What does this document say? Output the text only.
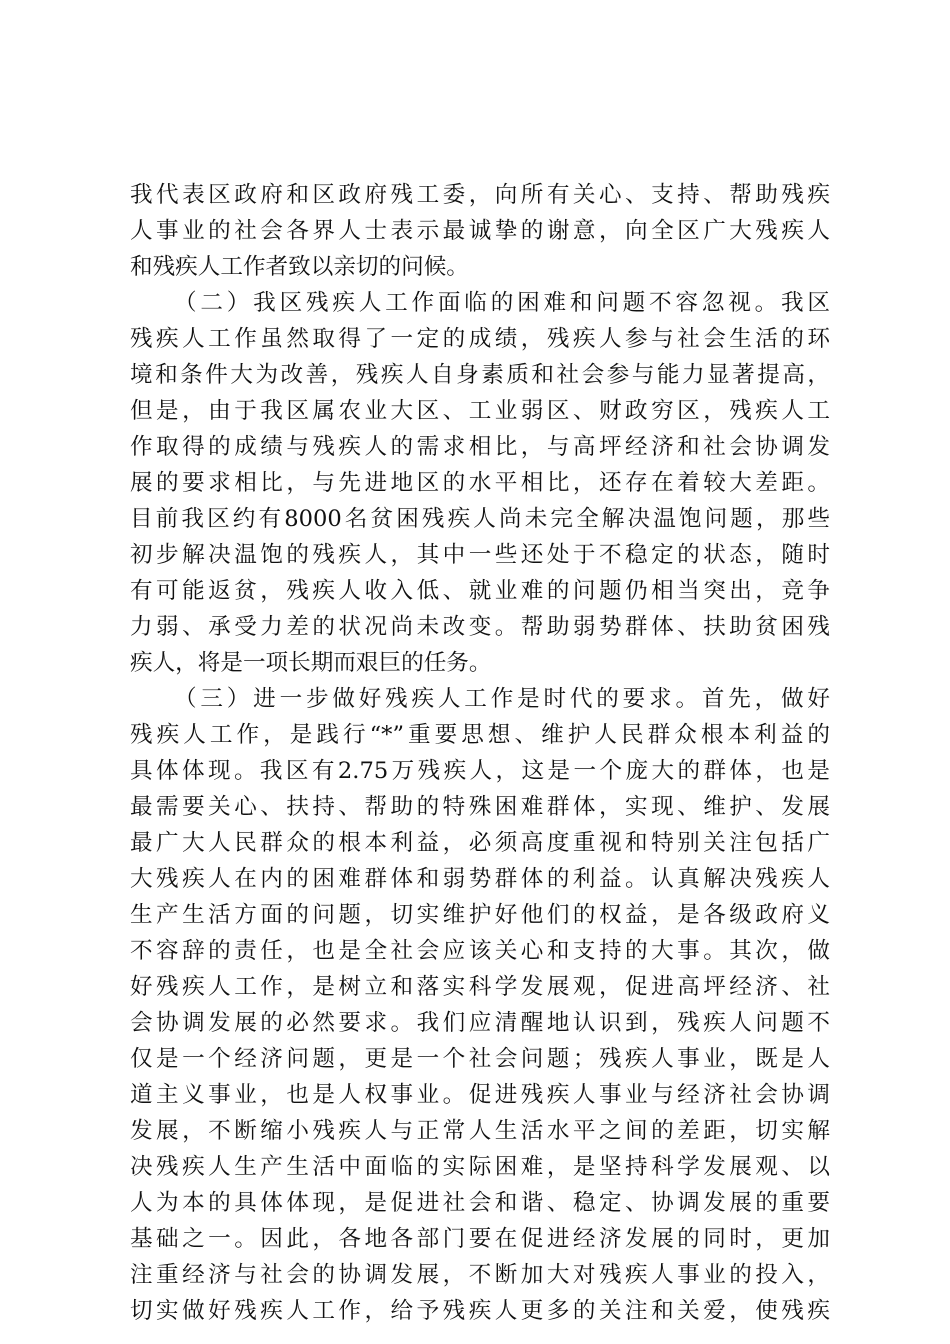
我代表区政府和区政府残工委，向所有关心、支持、帮助残疾
人事业的社会各界人士表示最诚挚的谢意，向全区广大残疾人
和残疾人工作者致以亲切的问候。
（二）我区残疾人工作面临的困难和问题不容忽视。我区
残疾人工作虽然取得了一定的成绩，残疾人参与社会生活的环
境和条件大为改善，残疾人自身素质和社会参与能力显著提高，
但是，由于我区属农业大区、工业弱区、财政穷区，残疾人工
作取得的成绩与残疾人的需求相比，与高坪经济和社会协调发
展的要求相比，与先进地区的水平相比，还存在着较大差距。
目前我区约有8000名贫困残疾人尚未完全解决温饱问题，那些
初步解决温饱的残疾人，其中一些还处于不稳定的状态，随时
有可能返贫，残疾人收入低、就业难的问题仍相当突出，竞争
力弱、承受力差的状况尚未改变。帮助弱势群体、扶助贫困残
疾人，将是一项长期而艰巨的任务。
（三）进一步做好残疾人工作是时代的要求。首先，做好
残疾人工作，是践行“*”重要思想、维护人民群众根本利益的
具体体现。我区有2.75万残疾人，这是一个庞大的群体，也是
最需要关心、扶持、帮助的特殊困难群体，实现、维护、发展
最广大人民群众的根本利益，必须高度重视和特别关注包括广
大残疾人在内的困难群体和弱势群体的利益。认真解决残疾人
生产生活方面的问题，切实维护好他们的权益，是各级政府义
不容辞的责任，也是全社会应该关心和支持的大事。其次，做
好残疾人工作，是树立和落实科学发展观，促进高坪经济、社
会协调发展的必然要求。我们应清醒地认识到，残疾人问题不
仅是一个经济问题，更是一个社会问题；残疾人事业，既是人
道主义事业，也是人权事业。促进残疾人事业与经济社会协调
发展，不断缩小残疾人与正常人生活水平之间的差距，切实解
决残疾人生产生活中面临的实际困难，是坚持科学发展观、以
人为本的具体体现，是促进社会和谐、稳定、协调发展的重要
基础之一。因此，各地各部门要在促进经济发展的同时，更加
注重经济与社会的协调发展，不断加大对残疾人事业的投入，
切实做好残疾人工作，给予残疾人更多的关注和关爱，使残疾
